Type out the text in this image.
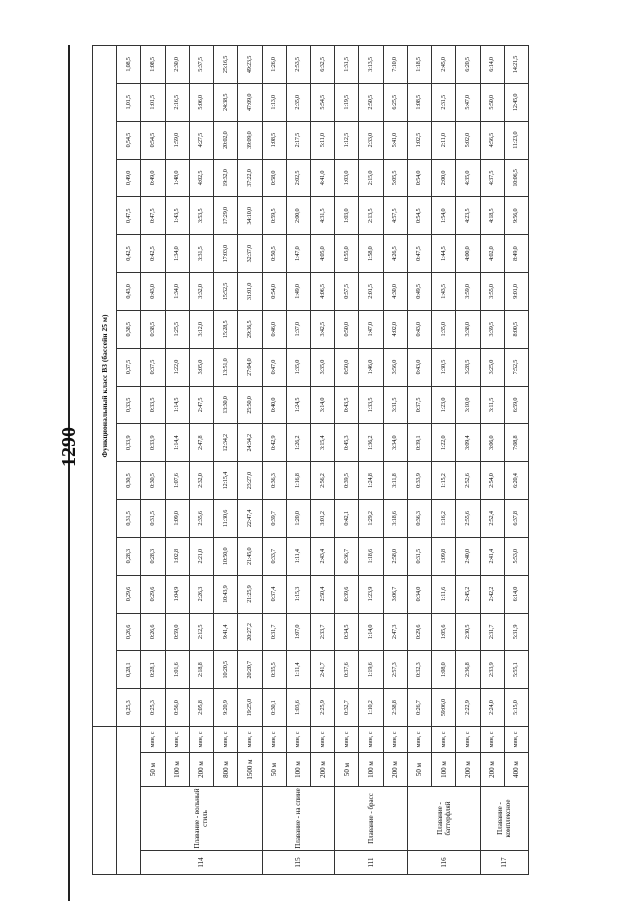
1290
				Функциональный класс В3 (бассейн 25 м)																	
				0,25,3	0,28,1	0,26,6	0,29,6	0,28,3	0,31,5	0,30,5	0,33,9	0,33,5	0,37,5	0,38,5	0,43,0	0,42,5	0,47,5	0,49,0	0,54,5	1,01,5	1,08,5
114	Плавание - вольный стиль	50 м	мин, с	0:25,3	0:28,1	0:26,6	0:29,6	0:28,3	0:31,5	0:30,5	0:33,9	0:33,5	0:37,5	0:38,5	0:43,0	0:42,5	0:47,5	0:49,0	0:54,5	1:01,5	1:08,5
		100 м	мин, с	0:56,0	1:01,6	0:59,0	1:04,9	1:02,8	1:09,0	1:07,6	1:14,4	1:14,5	1:22,0	1:25,5	1:34,0	1:34,0	1:43,5	1:48,0	1:59,0	2:16,5	2:30,0
		200 м	мин, с	2:05,8	2:18,8	2:12,5	2:26,3	2:21,0	2:35,6	2:32,0	2:47,8	2:47,5	3:05,0	3:12,0	3:32,0	3:31,5	3:53,5	4:02,5	4:27,5	5:06,0	5:37,5
		800 м	мин, с	9:20,9	10:20,5	9:41,4	10:43,9	10:50,0	11:30,6	12:15,4	12:34,2	13:30,0	13:51,0	15:28,5	15:52,5	17:03,0	17:29,0	19:32,0	20:02,0	24:38,5	25:16,5
		1500 м	мин, с	19:25,0	20:20,7	20:27,2	21:25,9	21:45,0	22:47,4	23:27,0	24:34,2	25:50,0	27:04,0	29:36,5	31:01,0	32:37,0	34:10,0	37:22,0	39:09,0	47:09,0	49:23,5
115	Плавание - на спине	50 м	мин, с	0:30,1	0:35,5	0:31,7	0:37,4	0:33,7	0:39,7	0:36,3	0:42,9	0:40,0	0:47,0	0:46,0	0:54,0	0:50,5	0:59,5	0:58,0	1:08,5	1:13,0	1:26,0
		100 м	мин, с	1:03,6	1:11,4	1:07,0	1:15,3	1:11,4	1:20,0	1:16,8	1:26,2	1:24,5	1:35,0	1:37,0	1:49,0	1:47,0	2:00,0	2:02,5	2:17,5	2:35,0	2:53,5
		200 м	мин, с	2:25,9	2:41,7	2:33,7	2:50,4	2:43,4	3:01,2	2:56,2	3:15,4	3:14,0	3:35,0	3:42,5	4:06,5	4:05,0	4:31,5	4:41,0	5:11,0	5:54,5	6:32,5
111	Плавание - брасс	50 м	мин, с	0:32,7	0:37,6	0:34,5	0:39,6	0:36,7	0:42,1	0:39,5	0:45,3	0:43,5	0:50,0	0:50,0	0:57,5	0:55,0	1:03,0	1:03,0	1:12,5	1:19,5	1:31,5
		100 м	мин, с	1:10,2	1:19,6	1:14,0	1:23,9	1:18,6	1:29,2	1:24,8	1:36,2	1:33,5	1:46,0	1:47,0	2:01,5	1:58,0	2:13,5	2:15,0	2:33,0	2:50,5	3:13,5
		200 м	мин, с	2:38,8	2:57,3	2:47,3	3:06,7	2:58,0	3:18,6	3:11,8	3:34,0	3:31,5	3:56,0	4:02,0	4:30,0	4:26,5	4:57,5	5:05,5	5:41,0	6:25,5	7:10,0
116	Плавание - баттерфляй	50 м	мин, с	0:26,7	0:32,3	0:29,6	0:34,0	0:31,5	0:36,3	0:33,9	0:39,1	0:37,5	0:43,0	0:43,0	0:49,5	0:47,5	0:54,5	0:54,0	1:02,5	1:08,5	1:18,5
		100 м	мин, с	59:06,0	1:08,0	1:05,6	1:11,6	1:09,8	1:16,2	1:15,2	1:22,0	1:23,0	1:30,5	1:35,0	1:43,5	1:44,5	1:54,0	2:00,0	2:11,0	2:31,5	2:45,0
		200 м	мин, с	2:22,9	2:36,8	2:30,5	2:45,2	2:40,0	2:55,6	2:52,6	3:09,4	3:10,0	3:28,5	3:38,0	3:59,0	4:00,0	4:23,5	4:35,0	5:02,0	5:47,0	6:20,5
117	Плавание - комплексное	200 м	мин, с	2:24,0	2:33,9	2:31,7	2:42,2	2:41,4	2:52,4	2:54,0	3:06,0	3:11,5	3:25,0	3:39,5	3:55,0	4:02,0	4:18,5	4:37,5	4:56,5	5:50,0	6:14,0
		400 м	мин, с	5:15,0	5:55,1	5:31,9	6:14,0	5:53,0	6:37,8	6:20,4	7:08,8	6:59,0	7:52,5	8:00,5	9:01,0	8:49,0	9:56,0	10:06,5	11:23,0	12:45,0	14:21,5
